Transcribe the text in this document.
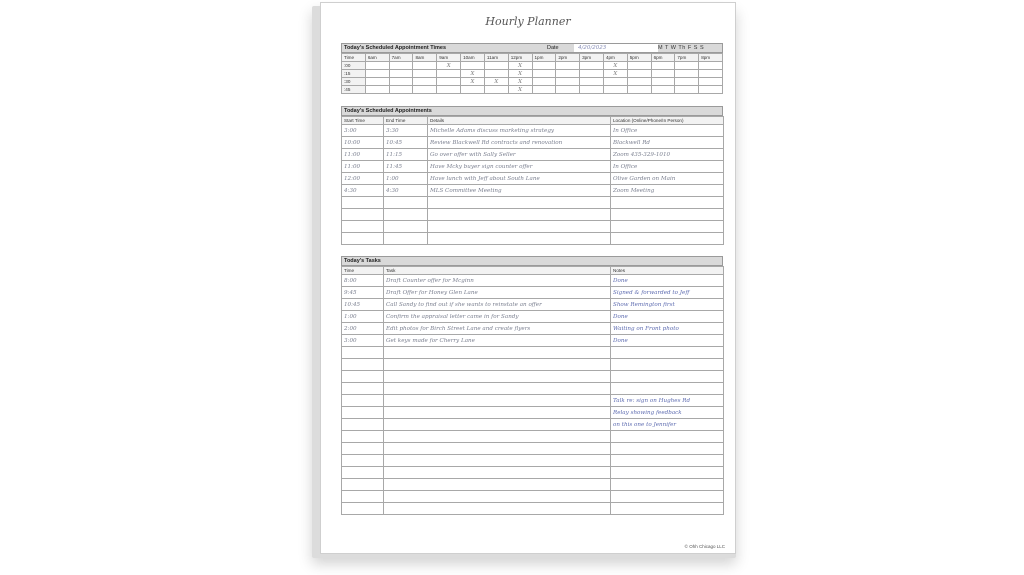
Hourly Planner
Today's Scheduled Appointment Times	Date	4/20/2023	M T W Th F S S
Time	6am	7am	8am	9am	10am	11am	12pm	1pm	2pm	3pm	4pm	5pm	6pm	7pm	8pm
:00				X			X				X				
:15					X		X				X				
:30					X	X	X								
:45							X								
Today's Scheduled Appointments
Start Time	End Time	Details	Location (Online/Phone/In Person)
3:00	3:30	Michelle Adams discuss marketing strategy	In Office
10:00	10:45	Review Blackwell Rd contracts and renovation	Blackwell Rd
11:00	11:15	Go over offer with Sally Seller	Zoom 435-329-1010
11:00	11:45	Have Mcky buyer sign counter offer	In Office
12:00	1:00	Have lunch with Jeff about South Lane	Olive Garden on Main
4:30	4:30	MLS Committee Meeting	Zoom Meeting

Today's Tasks
Time	Task	Notes
8:00	Draft Counter offer for Mcginn	Done
9:45	Draft Offer for Honey Glen Lane	Signed & forwarded to Jeff
10:45	Call Sandy to find out if she wants to reinstate an offer	Show Remington first
1:00	Confirm the appraisal letter came in for Sandy	Done
2:00	Edit photos for Birch Street Lane and create flyers	Waiting on Front photo
3:00	Get keys made for Cherry Lane	Done

		Talk re: sign on Hughes Rd
		Relay showing feedback
		on this one to Jennifer

© Ohh Chicago LLC
